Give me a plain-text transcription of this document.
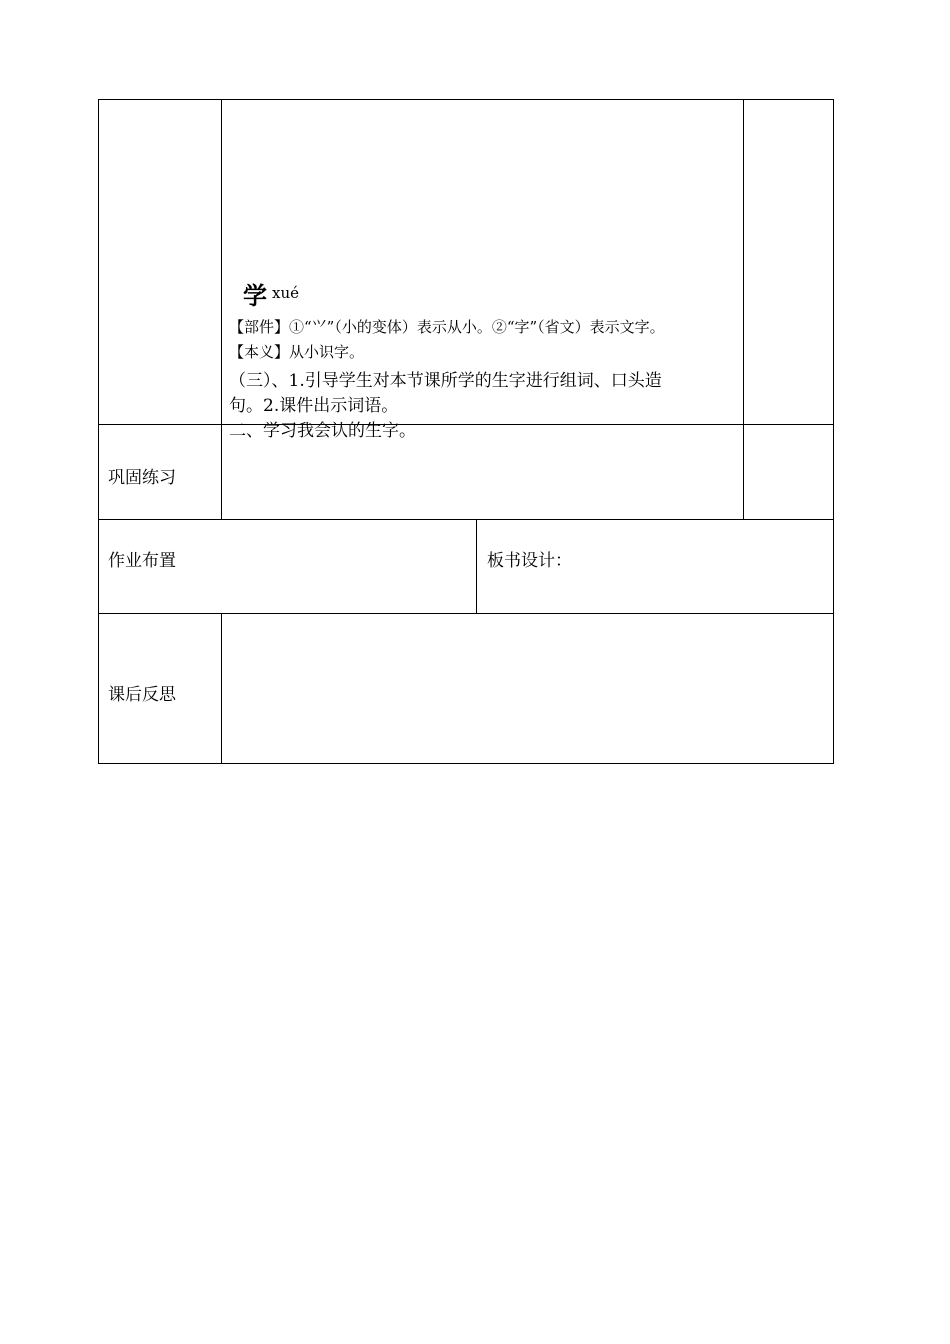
学 xué
【部件】①“⺍”（小的变体）表示从小。②“字”（省文）表示文字。
【本义】从小识字。
（三）、1.引导学生对本节课所学的生字进行组词、口头造
句。2.课件出示词语。
二、学习我会认的生字。
巩固练习
作业布置	板书设计：
课后反思
